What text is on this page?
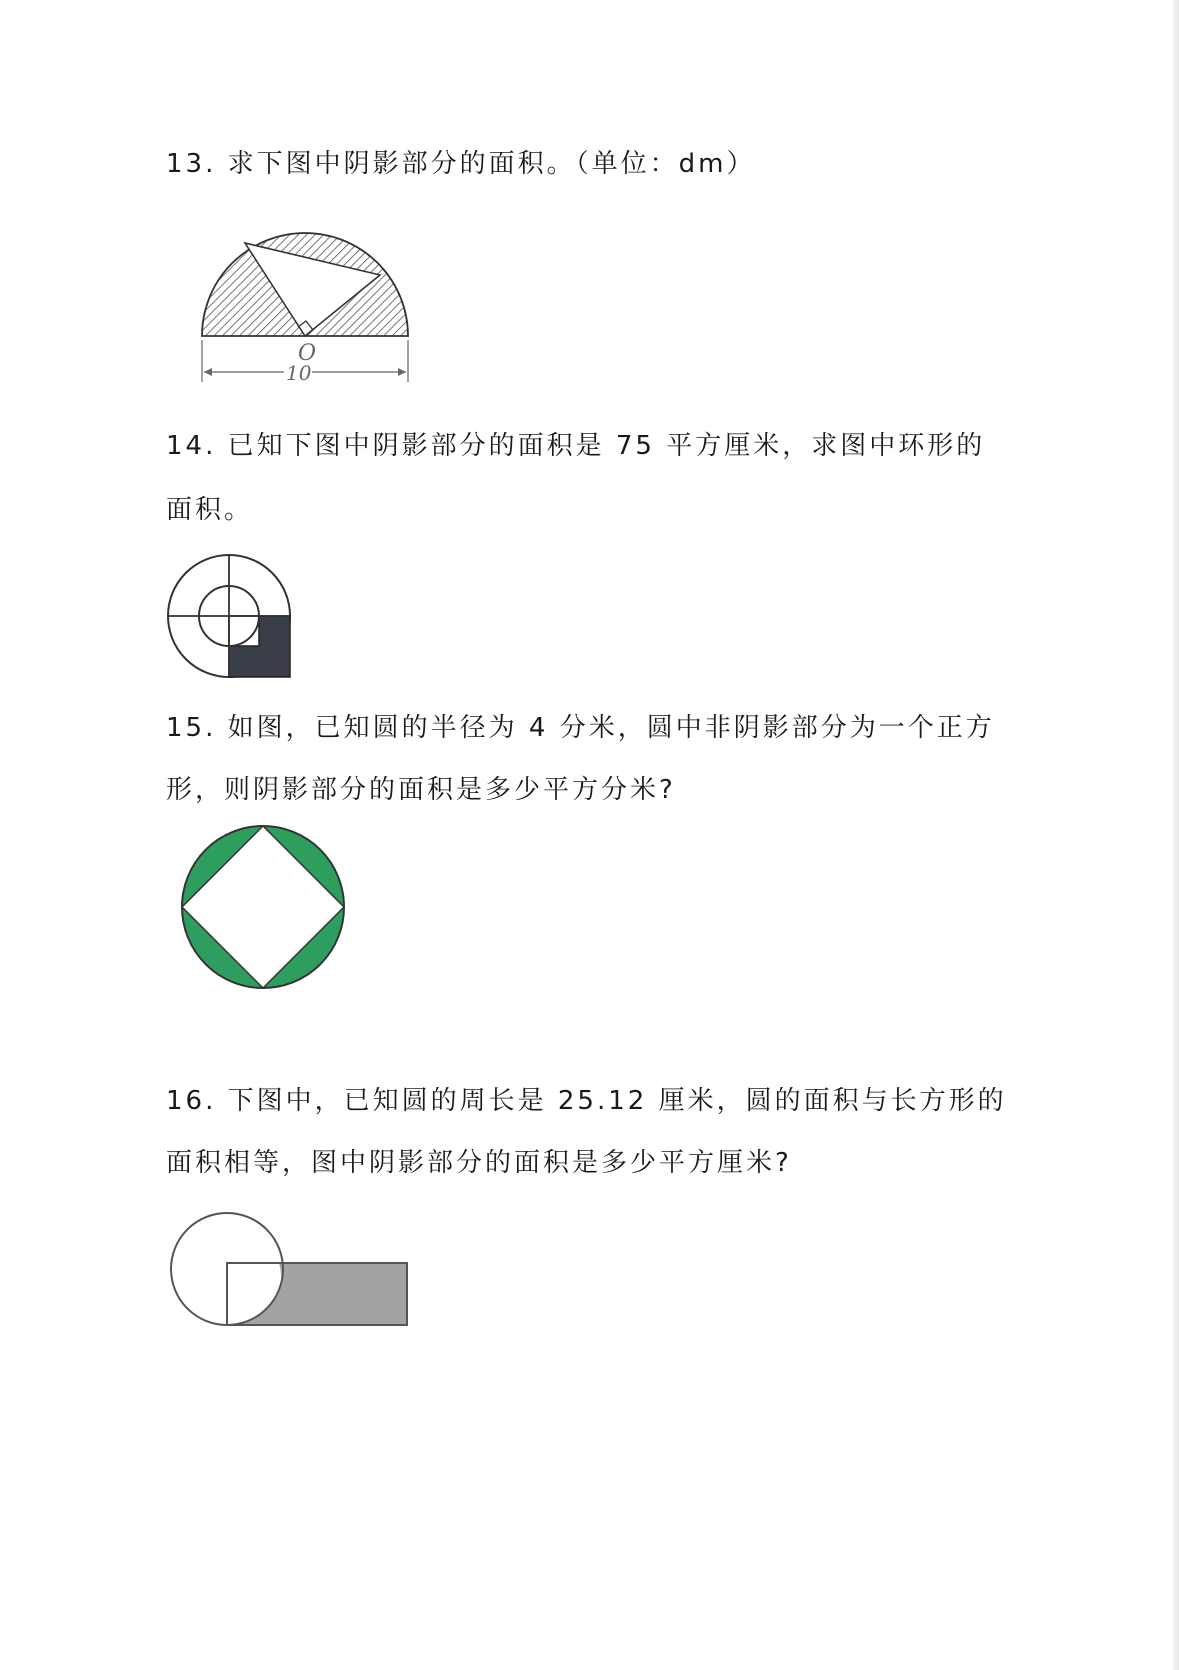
13. 求下图中阴影部分的面积。（单位：dm）
O
10
14. 已知下图中阴影部分的面积是 75 平方厘米，求图中环形的
面积。
15. 如图，已知圆的半径为 4 分米，圆中非阴影部分为一个正方
形，则阴影部分的面积是多少平方分米?
16. 下图中，已知圆的周长是 25.12 厘米，圆的面积与长方形的
面积相等，图中阴影部分的面积是多少平方厘米?
